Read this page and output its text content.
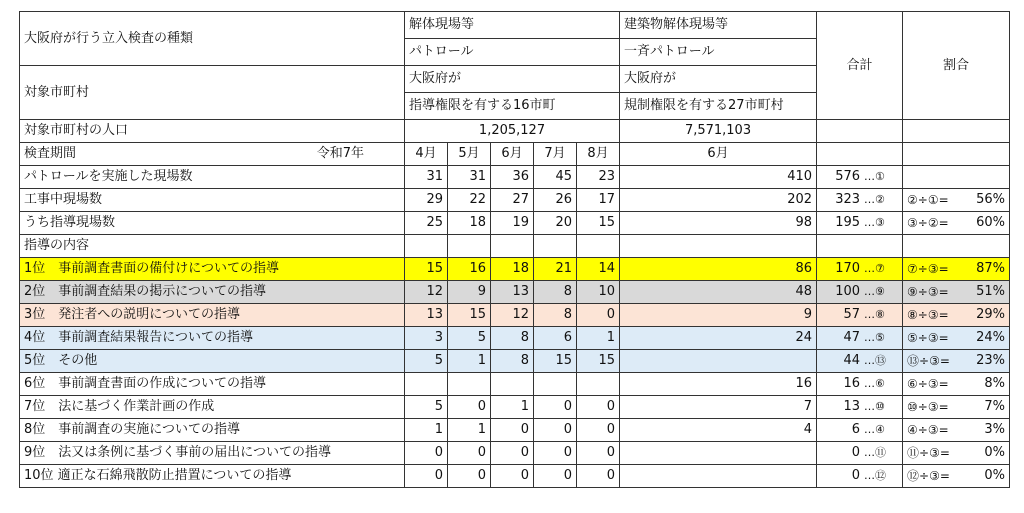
大阪府が行う立入検査の種類	解体現場等					建築物解体現場等	合計	割合
	パトロール					一斉パトロール		
対象市町村	大阪府が					大阪府が		
	指導権限を有する16市町					規制権限を有する27市町村		
対象市町村の人口	1,205,127					7,571,103		

検査期間 令和7年	4月	5月	6月	7月	8月	6月		
パトロールを実施した現場数	31	31	36	45	23	410	576 …①	

工事中現場数	29	22	27	26	17	202	323 …②	②÷①= 56%

うち指導現場数	25	18	19	20	15	98	195 …③	③÷②= 60%

指導の内容							

1位　事前調査書面の備付けについての指導	15	16	18	21	14	86	170 …⑦	⑦÷③= 87%

2位　事前調査結果の掲示についての指導	12	9	13	8	10	48	100 …⑨	⑨÷③= 51%

3位　発注者への説明についての指導	13	15	12	8	0	9	57 …⑧	⑧÷③= 29%

4位　事前調査結果報告についての指導	3	5	8	6	1	24	47 …⑤	⑤÷③= 24%

5位　その他	5	1	8	15	15		44 …⑬	⑬÷③= 23%

6位　事前調査書面の作成についての指導						16	16 …⑥	⑥÷③= 8%

7位　法に基づく作業計画の作成	5	0	1	0	0	7	13 …⑩	⑩÷③= 7%

8位　事前調査の実施についての指導	1	1	0	0	0	4	6 …④	④÷③= 3%

9位　法又は条例に基づく事前の届出についての指導	0	0	0	0	0		0 …⑪	⑪÷③= 0%

10位 適正な石綿飛散防止措置についての指導	0	0	0	0	0		0 …⑫	⑫÷③= 0%
